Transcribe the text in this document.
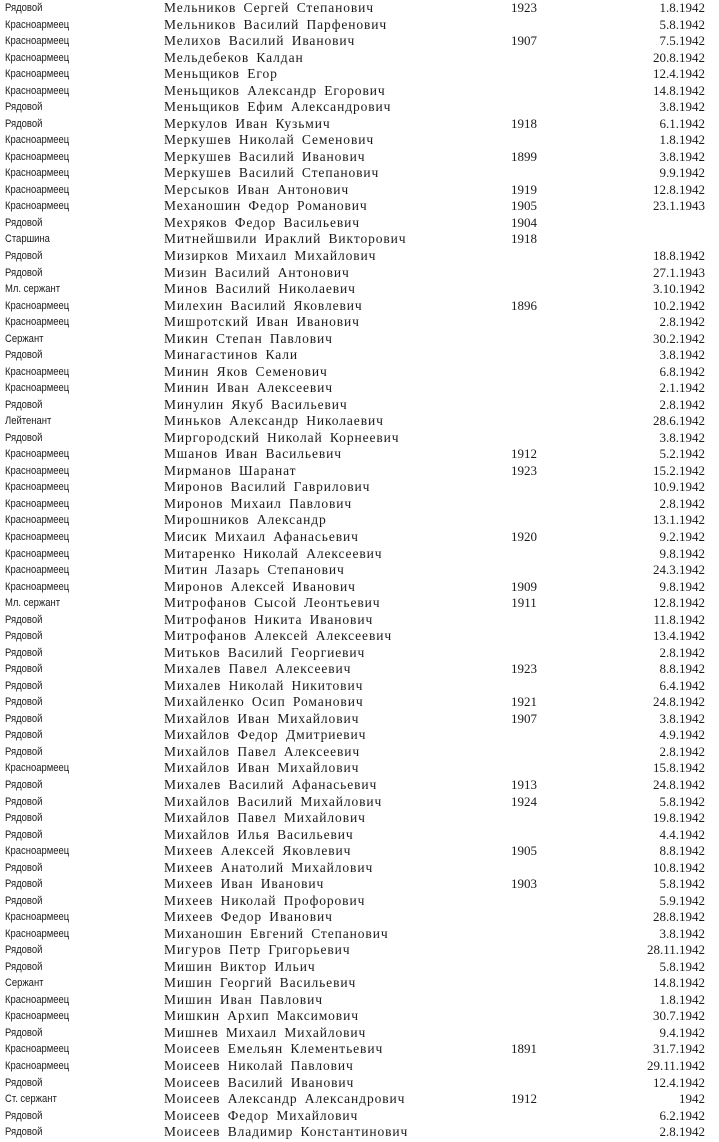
Рядовой	Мельников Сергей Степанович	1923	1.8.1942
Красноармеец	Мельников Василий Парфенович	5.8.1942
Красноармеец	Мелихов Василий Иванович	1907	7.5.1942
Красноармеец	Мельдебеков Калдан	20.8.1942
Красноармеец	Меньщиков Егор	12.4.1942
Красноармеец	Меньщиков Александр Егорович	14.8.1942
Рядовой	Меньщиков Ефим Александрович	3.8.1942
Рядовой	Меркулов Иван Кузьмич	1918	6.1.1942
Красноармеец	Меркушев Николай Семенович	1.8.1942
Красноармеец	Меркушев Василий Иванович	1899	3.8.1942
Красноармеец	Меркушев Василий Степанович	9.9.1942
Красноармеец	Мерсыков Иван Антонович	1919	12.8.1942
Красноармеец	Механошин Федор Романович	1905	23.1.1943
Рядовой	Мехряков Федор Васильевич	1904
Старшина	Митнейшвили Ираклий Викторович	1918
Рядовой	Мизирков Михаил Михайлович	18.8.1942
Рядовой	Мизин Василий Антонович	27.1.1943
Мл. сержант	Минов Василий Николаевич	3.10.1942
Красноармеец	Милехин Василий Яковлевич	1896	10.2.1942
Красноармеец	Мишротский Иван Иванович	2.8.1942
Сержант	Микин Степан Павлович	30.2.1942
Рядовой	Минагастинов Кали	3.8.1942
Красноармеец	Минин Яков Семенович	6.8.1942
Красноармеец	Минин Иван Алексеевич	2.1.1942
Рядовой	Минулин Якуб Васильевич	2.8.1942
Лейтенант	Миньков Александр Николаевич	28.6.1942
Рядовой	Миргородский Николай Корнеевич	3.8.1942
Красноармеец	Мшанов Иван Васильевич	1912	5.2.1942
Красноармеец	Мирманов Шаранат	1923	15.2.1942
Красноармеец	Миронов Василий Гаврилович	10.9.1942
Красноармеец	Миронов Михаил Павлович	2.8.1942
Красноармеец	Мирошников Александр	13.1.1942
Красноармеец	Мисик Михаил Афанасьевич	1920	9.2.1942
Красноармеец	Митаренко Николай Алексеевич	9.8.1942
Красноармеец	Митин Лазарь Степанович	24.3.1942
Красноармеец	Миронов Алексей Иванович	1909	9.8.1942
Мл. сержант	Митрофанов Сысой Леонтьевич	1911	12.8.1942
Рядовой	Митрофанов Никита Иванович	11.8.1942
Рядовой	Митрофанов Алексей Алексеевич	13.4.1942
Рядовой	Митьков Василий Георгиевич	2.8.1942
Рядовой	Михалев Павел Алексеевич	1923	8.8.1942
Рядовой	Михалев Николай Никитович	6.4.1942
Рядовой	Михайленко Осип Романович	1921	24.8.1942
Рядовой	Михайлов Иван Михайлович	1907	3.8.1942
Рядовой	Михайлов Федор Дмитриевич	4.9.1942
Рядовой	Михайлов Павел Алексеевич	2.8.1942
Красноармеец	Михайлов Иван Михайлович	15.8.1942
Рядовой	Михалев Василий Афанасьевич	1913	24.8.1942
Рядовой	Михайлов Василий Михайлович	1924	5.8.1942
Рядовой	Михайлов Павел Михайлович	19.8.1942
Рядовой	Михайлов Илья Васильевич	4.4.1942
Красноармеец	Михеев Алексей Яковлевич	1905	8.8.1942
Рядовой	Михеев Анатолий Михайлович	10.8.1942
Рядовой	Михеев Иван Иванович	1903	5.8.1942
Рядовой	Михеев Николай Профорович	5.9.1942
Красноармеец	Михеев Федор Иванович	28.8.1942
Красноармеец	Миханошин Евгений Степанович	3.8.1942
Рядовой	Мигуров Петр Григорьевич	28.11.1942
Рядовой	Мишин Виктор Ильич	5.8.1942
Сержант	Мишин Георгий Васильевич	14.8.1942
Красноармеец	Мишин Иван Павлович	1.8.1942
Красноармеец	Мишкин Архип Максимович	30.7.1942
Рядовой	Мишнев Михаил Михайлович	9.4.1942
Красноармеец	Моисеев Емельян Клементьевич	1891	31.7.1942
Красноармеец	Моисеев Николай Павлович	29.11.1942
Рядовой	Моисеев Василий Иванович	12.4.1942
Ст. сержант	Моисеев Александр Александрович	1912	1942
Рядовой	Моисеев Федор Михайлович	6.2.1942
Рядовой	Моисеев Владимир Константинович	2.8.1942
